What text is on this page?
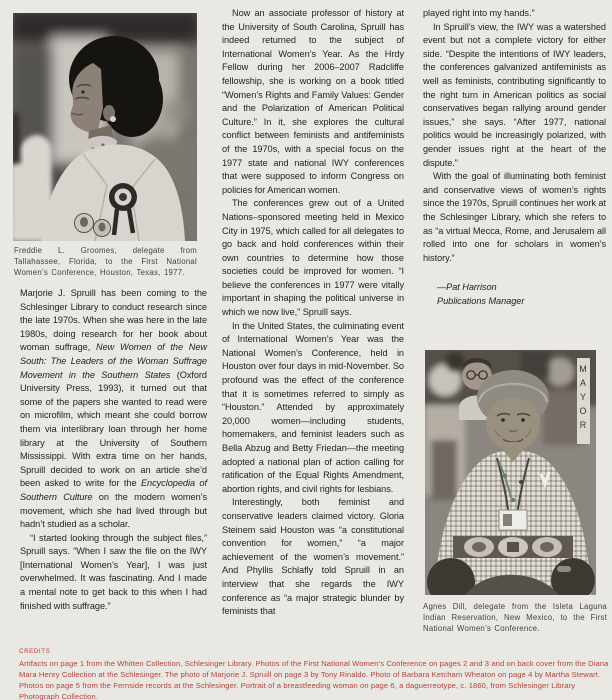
Freddie L. Groomes, delegate from Tallahassee, Florida, to the First National Women’s Conference, Houston, Texas, 1977.

Marjorie J. Spruill has been coming to the Schlesinger Library to conduct research since the late 1970s. When she was here in the late 1980s, doing research for her book about woman suffrage, New Women of the New South: The Leaders of the Woman Suffrage Movement in the Southern States (Oxford University Press, 1993), it turned out that some of the papers she wanted to read were on microfilm, which meant she could borrow them via interlibrary loan through her home library at the University of Southern Mississippi. With extra time on her hands, Spruill decided to work on an article she’d been asked to write for the Encyclopedia of Southern Culture on the modern women’s movement, which she had lived through but hadn’t studied as a scholar.

“I started looking through the subject files,” Spruill says. “When I saw the file on the IWY [International Women’s Year], I was just overwhelmed. It was fascinating. And I made a mental note to get back to this when I had finished with suffrage.”

Now an associate professor of history at the University of South Carolina, Spruill has indeed returned to the subject of International Women’s Year. As the Hrdy Fellow during her 2006–2007 Radcliffe fellowship, she is working on a book titled “Women’s Rights and Family Values: Gender and the Polarization of American Political Culture.” In it, she explores the cultural conflict between feminists and antifeminists of the 1970s, with a special focus on the 1977 state and national IWY conferences that were supposed to inform Congress on policies for American women.

The conferences grew out of a United Nations–sponsored meeting held in Mexico City in 1975, which called for all delegates to go back and hold conferences within their own countries to determine how those societies could be improved for women. “I believe the conferences in 1977 were vitally important in shaping the political universe in which we now live,” Spruill says.

In the United States, the culminating event of International Women’s Year was the National Women’s Conference, held in Houston over four days in mid-November. So profound was the effect of the conference that it is sometimes referred to simply as “Houston.” Attended by approximately 20,000 women—including students, homemakers, and feminist leaders such as Bella Abzug and Betty Friedan—the meeting adopted a national plan of action calling for ratification of the Equal Rights Amendment, abortion rights, and civil rights for lesbians.

Interestingly, both feminist and conservative leaders claimed victory. Gloria Steinem said Houston was “a constitutional convention for women,” “a major achievement of the women’s movement.” And Phyllis Schlafly told Spruill in an interview that she regards the IWY conference as “a major strategic blunder by feminists that

played right into my hands.”

In Spruill’s view, the IWY was a watershed event but not a complete victory for either side. “Despite the intentions of IWY leaders, the conferences galvanized antifeminists as well as feminists, contributing significantly to the right turn in American politics as social conservatives began rallying around gender issues,” she says. “After 1977, national politics would be increasingly polarized, with gender issues right at the heart of the dispute.”

With the goal of illuminating both feminist and conservative views of women’s rights since the 1970s, Spruill continues her work at the Schlesinger Library, which she refers to as “a virtual Mecca, Rome, and Jerusalem all rolled into one for scholars in women’s history.”

—Pat Harrison
Publications Manager
M
A
Y
O
R
Agnes Dill, delegate from the Isleta Laguna Indian Reservation, New Mexico, to the First National Women’s Conference.
CREDITS
Artifacts on page 1 from the Whitten Collection, Schlesinger Library. Photos of the First National Women’s Conference on pages 2 and 3 and on back cover from the Diana Mara Henry Collection at the Schlesinger. The photo of Marjorie J. Spruill on page 3 by Tony Rinaldo. Photo of Barbara Ketcham Wheaton on page 4 by Martha Stewart. Photos on page 5 from the Fernside records at the Schlesinger. Portrait of a breastfeeding woman on page 6, a daguerreotype, c. 1860, from Schlesinger Library Photograph Collection.
